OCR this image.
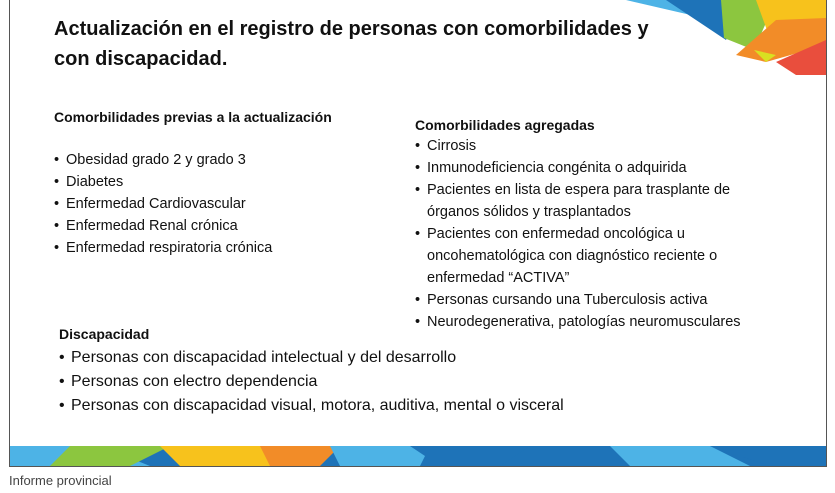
Actualización en el registro de personas con comorbilidades y
con discapacidad.
Comorbilidades previas a la actualización
• Obesidad grado 2 y grado 3
• Diabetes
• Enfermedad Cardiovascular
• Enfermedad Renal crónica
• Enfermedad respiratoria crónica
Comorbilidades agregadas
• Cirrosis
• Inmunodeficiencia congénita o adquirida
• Pacientes en lista de espera para trasplante de
órganos sólidos y trasplantados
• Pacientes con enfermedad oncológica u
oncohematológica con diagnóstico reciente o
enfermedad “ACTIVA”
• Personas cursando una Tuberculosis activa
• Neurodegenerativa, patologías neuromusculares
Discapacidad
• Personas con discapacidad intelectual y del desarrollo
• Personas con electro dependencia
• Personas con discapacidad visual, motora, auditiva, mental o visceral

Informe provincial
